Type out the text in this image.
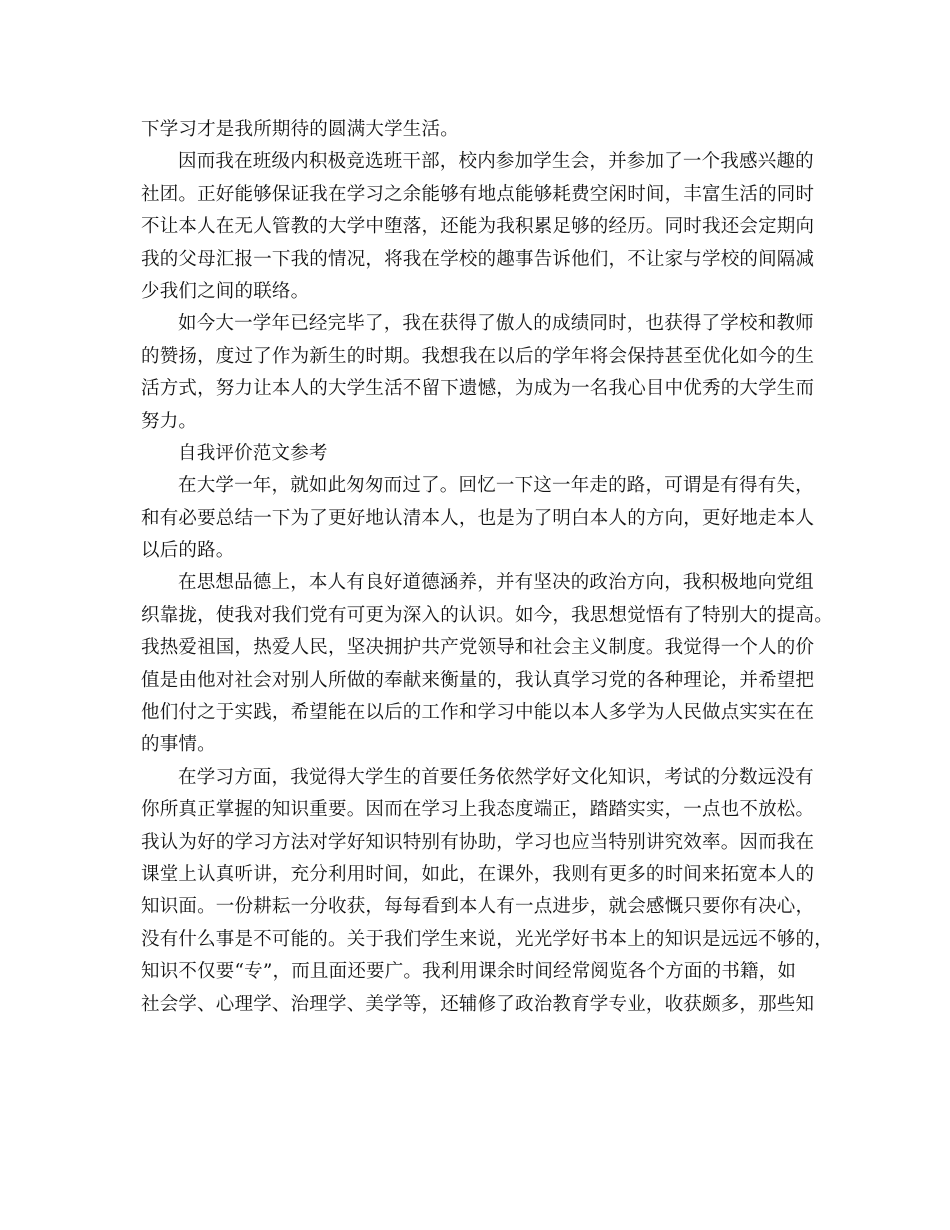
下学习才是我所期待的圆满大学生活。
因而我在班级内积极竞选班干部，校内参加学生会，并参加了一个我感兴趣的
社团。正好能够保证我在学习之余能够有地点能够耗费空闲时间，丰富生活的同时
不让本人在无人管教的大学中堕落，还能为我积累足够的经历。同时我还会定期向
我的父母汇报一下我的情况，将我在学校的趣事告诉他们，不让家与学校的间隔减
少我们之间的联络。
如今大一学年已经完毕了，我在获得了傲人的成绩同时，也获得了学校和教师
的赞扬，度过了作为新生的时期。我想我在以后的学年将会保持甚至优化如今的生
活方式，努力让本人的大学生活不留下遗憾，为成为一名我心目中优秀的大学生而
努力。
自我评价范文参考
在大学一年，就如此匆匆而过了。回忆一下这一年走的路，可谓是有得有失，
和有必要总结一下为了更好地认清本人，也是为了明白本人的方向，更好地走本人
以后的路。
在思想品德上，本人有良好道德涵养，并有坚决的政治方向，我积极地向党组
织靠拢，使我对我们党有可更为深入的认识。如今，我思想觉悟有了特别大的提高。
我热爱祖国，热爱人民，坚决拥护共产党领导和社会主义制度。我觉得一个人的价
值是由他对社会对别人所做的奉献来衡量的，我认真学习党的各种理论，并希望把
他们付之于实践，希望能在以后的工作和学习中能以本人多学为人民做点实实在在
的事情。
在学习方面，我觉得大学生的首要任务依然学好文化知识，考试的分数远没有
你所真正掌握的知识重要。因而在学习上我态度端正，踏踏实实，一点也不放松。
我认为好的学习方法对学好知识特别有协助，学习也应当特别讲究效率。因而我在
课堂上认真听讲，充分利用时间，如此，在课外，我则有更多的时间来拓宽本人的
知识面。一份耕耘一分收获，每每看到本人有一点进步，就会感慨只要你有决心，
没有什么事是不可能的。关于我们学生来说，光光学好书本上的知识是远远不够的，
知识不仅要“专”，而且面还要广。我利用课余时间经常阅览各个方面的书籍，如
社会学、心理学、治理学、美学等，还辅修了政治教育学专业，收获颇多，那些知
